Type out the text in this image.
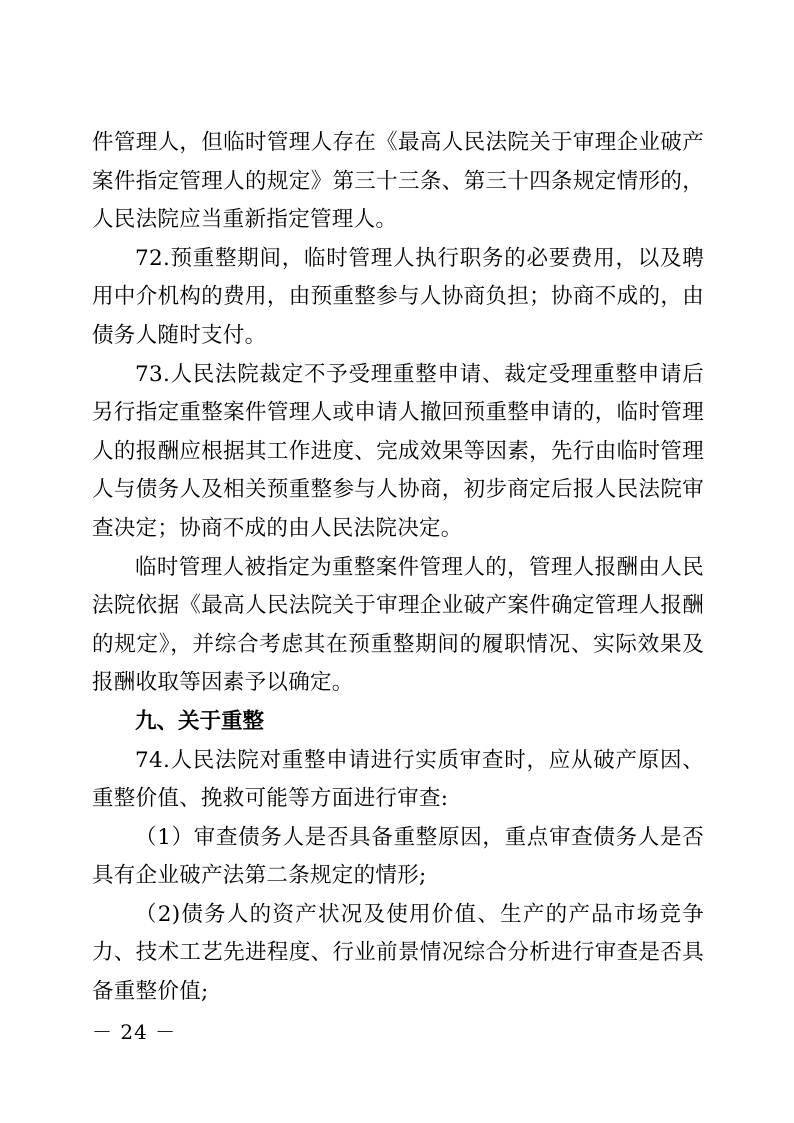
件管理人，但临时管理人存在《最高人民法院关于审理企业破产案件指定管理人的规定》第三十三条、第三十四条规定情形的，人民法院应当重新指定管理人。

72.预重整期间，临时管理人执行职务的必要费用，以及聘用中介机构的费用，由预重整参与人协商负担；协商不成的，由债务人随时支付。

73.人民法院裁定不予受理重整申请、裁定受理重整申请后另行指定重整案件管理人或申请人撤回预重整申请的，临时管理人的报酬应根据其工作进度、完成效果等因素，先行由临时管理人与债务人及相关预重整参与人协商，初步商定后报人民法院审查决定；协商不成的由人民法院决定。

临时管理人被指定为重整案件管理人的，管理人报酬由人民法院依据《最高人民法院关于审理企业破产案件确定管理人报酬的规定》，并综合考虑其在预重整期间的履职情况、实际效果及报酬收取等因素予以确定。

九、关于重整

74.人民法院对重整申请进行实质审查时，应从破产原因、重整价值、挽救可能等方面进行审查:

（1）审查债务人是否具备重整原因，重点审查债务人是否具有企业破产法第二条规定的情形;

（2)债务人的资产状况及使用价值、生产的产品市场竞争力、技术工艺先进程度、行业前景情况综合分析进行审查是否具备重整价值;

－ 24 －
